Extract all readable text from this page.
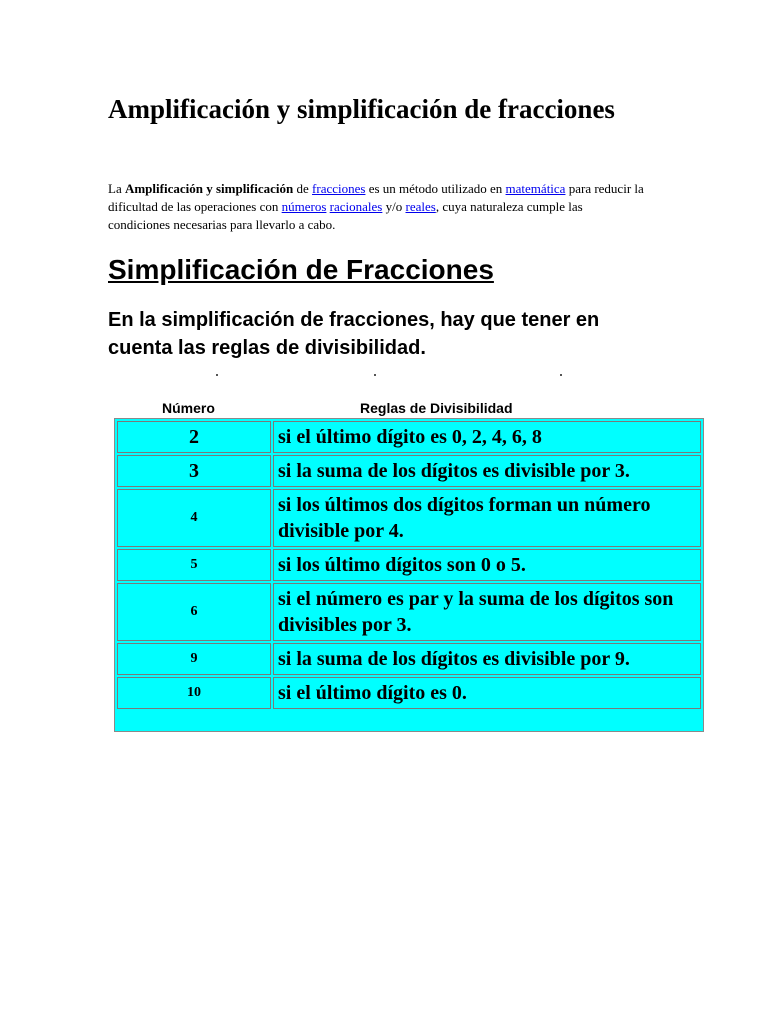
Amplificación y simplificación de fracciones

La Amplificación y simplificación de fracciones es un método utilizado en matemática para reducir la dificultad de las operaciones con números racionales y/o reales, cuya naturaleza cumple las condiciones necesarias para llevarlo a cabo.

Simplificación de Fracciones

En la simplificación de fracciones, hay que tener en cuenta las reglas de divisibilidad.

Número	Reglas de Divisibilidad
2	si el último dígito es 0, 2, 4, 6, 8
3	si la suma de los dígitos es divisible por 3.
4	si los últimos dos dígitos forman un número divisible por 4.
5	si los último dígitos son 0 o 5.
6	si el número es par y la suma de los dígitos son divisibles por 3.
9	si la suma de los dígitos es divisible por 9.
10	si el último dígito es 0.
